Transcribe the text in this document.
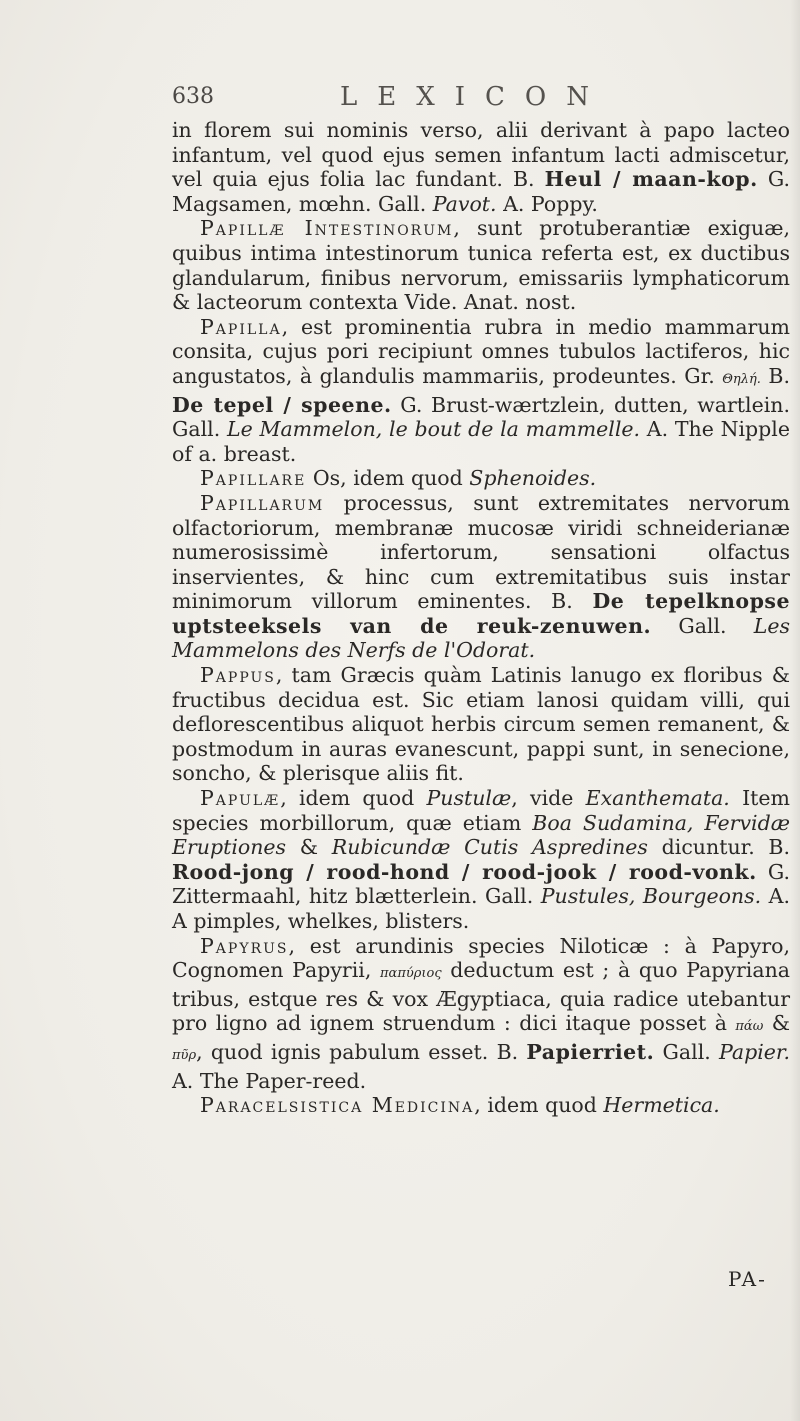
638	LEXICON

in florem sui nominis verso, alii derivant à papo lacteo infantum, vel quod ejus semen infantum lacti admiscetur, vel quia ejus folia lac fundant. B. Heul / maan-kop. G. Magsamen, mœhn. Gall. Pavot. A. Poppy.

Papillæ Intestinorum, sunt protuberantiæ exiguæ, quibus intima intestinorum tunica referta est, ex ductibus glandularum, finibus nervorum, emissariis lymphaticorum & lacteorum contexta Vide. Anat. nost.

Papilla, est prominentia rubra in medio mammarum consita, cujus pori recipiunt omnes tubulos lactiferos, hic angustatos, à glandulis mammariis, prodeuntes. Gr. Θηλή. B. De tepel / speene. G. Brust-wærtzlein, dutten, wartlein. Gall. Le Mammelon, le bout de la mammelle. A. The Nipple of a. breast.

Papillare Os, idem quod Sphenoides.

Papillarum processus, sunt extremitates nervorum olfactoriorum, membranæ mucosæ viridi schneiderianæ numerosissimè infertorum, sensationi olfactus inservientes, & hinc cum extremitatibus suis instar minimorum villorum eminentes. B. De tepelknopse uptsteeksels van de reuk-zenuwen. Gall. Les Mammelons des Nerfs de l'Odorat.

Pappus, tam Græcis quàm Latinis lanugo ex floribus & fructibus decidua est. Sic etiam lanosi quidam villi, qui deflorescentibus aliquot herbis circum semen remanent, & postmodum in auras evanescunt, pappi sunt, in senecione, soncho, & plerisque aliis fit.

Papulæ, idem quod Pustulæ, vide Exanthemata. Item species morbillorum, quæ etiam Boa Sudamina, Fervidæ Eruptiones & Rubicundæ Cutis Aspredines dicuntur. B. Rood-jong / rood-hond / rood-jook / rood-vonk. G. Zittermaahl, hitz blætterlein. Gall. Pustules, Bourgeons. A. A pimples, whelkes, blisters.

Papyrus, est arundinis species Niloticæ : à Papyro, Cognomen Papyrii, παπύριος deductum est ; à quo Papyriana tribus, estque res & vox Ægyptiaca, quia radice utebantur pro ligno ad ignem struendum : dici itaque posset à πάω & πῦρ, quod ignis pabulum esset. B. Papierriet. Gall. Papier. A. The Paper-reed.

Paracelsistica Medicina, idem quod Hermetica.

PA-
